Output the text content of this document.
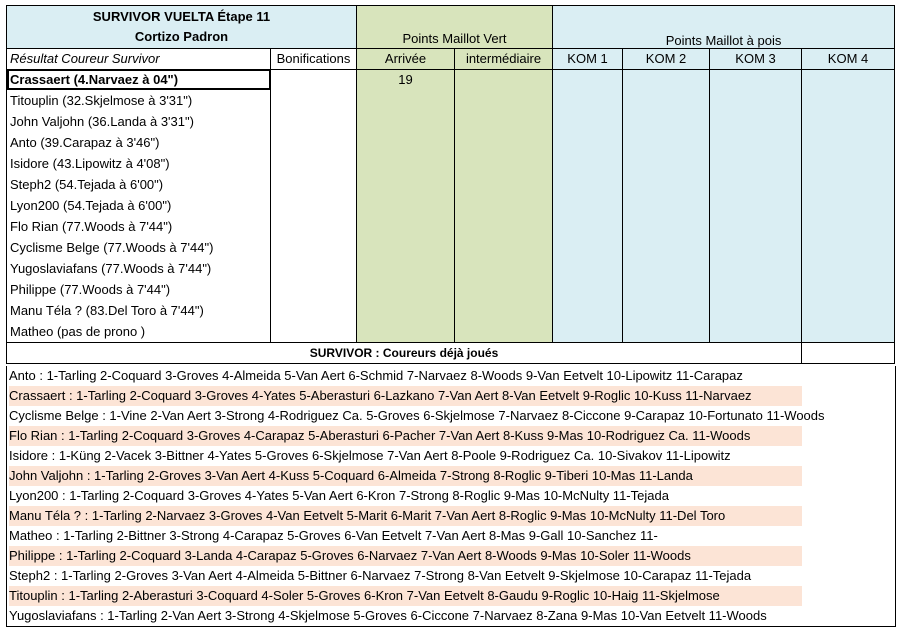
SURVIVOR VUELTA Étape 11		Points Maillot Vert		Points Maillot à pois			
Cortizo Padron							
Résultat Coureur Survivor	Bonifications	Arrivée	intermédiaire	KOM 1	KOM 2	KOM 3	KOM 4
Crassaert (4.Narvaez à 04")		19					
Titouplin (32.Skjelmose à 3'31")							
John Valjohn (36.Landa à 3'31")							
Anto (39.Carapaz à 3'46")							
Isidore (43.Lipowitz à 4'08")							
Steph2 (54.Tejada à 6'00")							
Lyon200 (54.Tejada à 6'00")							
Flo Rian (77.Woods à 7'44")							
Cyclisme Belge (77.Woods à 7'44")							
Yugoslaviafans (77.Woods à 7'44")							
Philippe (77.Woods à 7'44")							
Manu Téla ? (83.Del Toro à 7'44")							
Matheo (pas de prono )							
SURVIVOR : Coureurs déjà joués							
Anto : 1-Tarling 2-Coquard 3-Groves 4-Almeida 5-Van Aert 6-Schmid 7-Narvaez 8-Woods 9-Van Eetvelt 10-Lipowitz 11-Carapaz
Crassaert : 1-Tarling 2-Coquard 3-Groves 4-Yates 5-Aberasturi 6-Lazkano 7-Van Aert 8-Van Eetvelt 9-Roglic 10-Kuss 11-Narvaez
Cyclisme Belge : 1-Vine 2-Van Aert 3-Strong 4-Rodriguez Ca. 5-Groves 6-Skjelmose 7-Narvaez 8-Ciccone 9-Carapaz 10-Fortunato 11-Woods
Flo Rian : 1-Tarling 2-Coquard 3-Groves 4-Carapaz 5-Aberasturi 6-Pacher 7-Van Aert 8-Kuss 9-Mas 10-Rodriguez Ca. 11-Woods
Isidore : 1-Küng 2-Vacek 3-Bittner 4-Yates 5-Groves 6-Skjelmose 7-Van Aert 8-Poole 9-Rodriguez Ca. 10-Sivakov 11-Lipowitz
John Valjohn : 1-Tarling 2-Groves 3-Van Aert 4-Kuss 5-Coquard 6-Almeida 7-Strong 8-Roglic 9-Tiberi 10-Mas 11-Landa
Lyon200 : 1-Tarling 2-Coquard 3-Groves 4-Yates 5-Van Aert 6-Kron 7-Strong 8-Roglic 9-Mas 10-McNulty 11-Tejada
Manu Téla ? : 1-Tarling 2-Narvaez 3-Groves 4-Van Eetvelt 5-Marit 6-Marit 7-Van Aert 8-Roglic 9-Mas 10-McNulty 11-Del Toro
Matheo : 1-Tarling 2-Bittner 3-Strong 4-Carapaz 5-Groves 6-Van Eetvelt 7-Van Aert 8-Mas 9-Gall 10-Sanchez 11-
Philippe : 1-Tarling 2-Coquard 3-Landa 4-Carapaz 5-Groves 6-Narvaez 7-Van Aert 8-Woods 9-Mas 10-Soler 11-Woods
Steph2 : 1-Tarling 2-Groves 3-Van Aert 4-Almeida 5-Bittner 6-Narvaez 7-Strong 8-Van Eetvelt 9-Skjelmose 10-Carapaz 11-Tejada
Titouplin : 1-Tarling 2-Aberasturi 3-Coquard 4-Soler 5-Groves 6-Kron 7-Van Eetvelt 8-Gaudu 9-Roglic 10-Haig 11-Skjelmose
Yugoslaviafans : 1-Tarling 2-Van Aert 3-Strong 4-Skjelmose 5-Groves 6-Ciccone 7-Narvaez 8-Zana 9-Mas 10-Van Eetvelt 11-Woods
